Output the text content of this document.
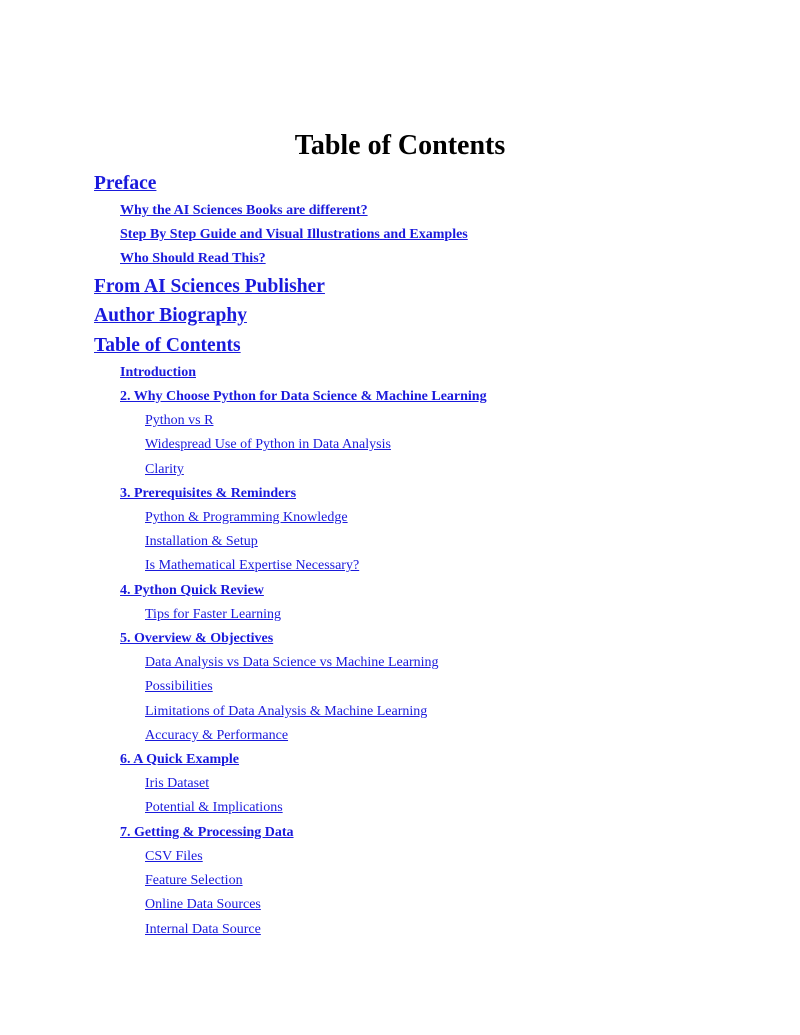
Table of Contents
Preface
Why the AI Sciences Books are different?
Step By Step Guide and Visual Illustrations and Examples
Who Should Read This?
From AI Sciences Publisher
Author Biography
Table of Contents
Introduction
2. Why Choose Python for Data Science & Machine Learning
Python vs R
Widespread Use of Python in Data Analysis
Clarity
3. Prerequisites & Reminders
Python & Programming Knowledge
Installation & Setup
Is Mathematical Expertise Necessary?
4. Python Quick Review
Tips for Faster Learning
5. Overview & Objectives
Data Analysis vs Data Science vs Machine Learning
Possibilities
Limitations of Data Analysis & Machine Learning
Accuracy & Performance
6. A Quick Example
Iris Dataset
Potential & Implications
7. Getting & Processing Data
CSV Files
Feature Selection
Online Data Sources
Internal Data Source
